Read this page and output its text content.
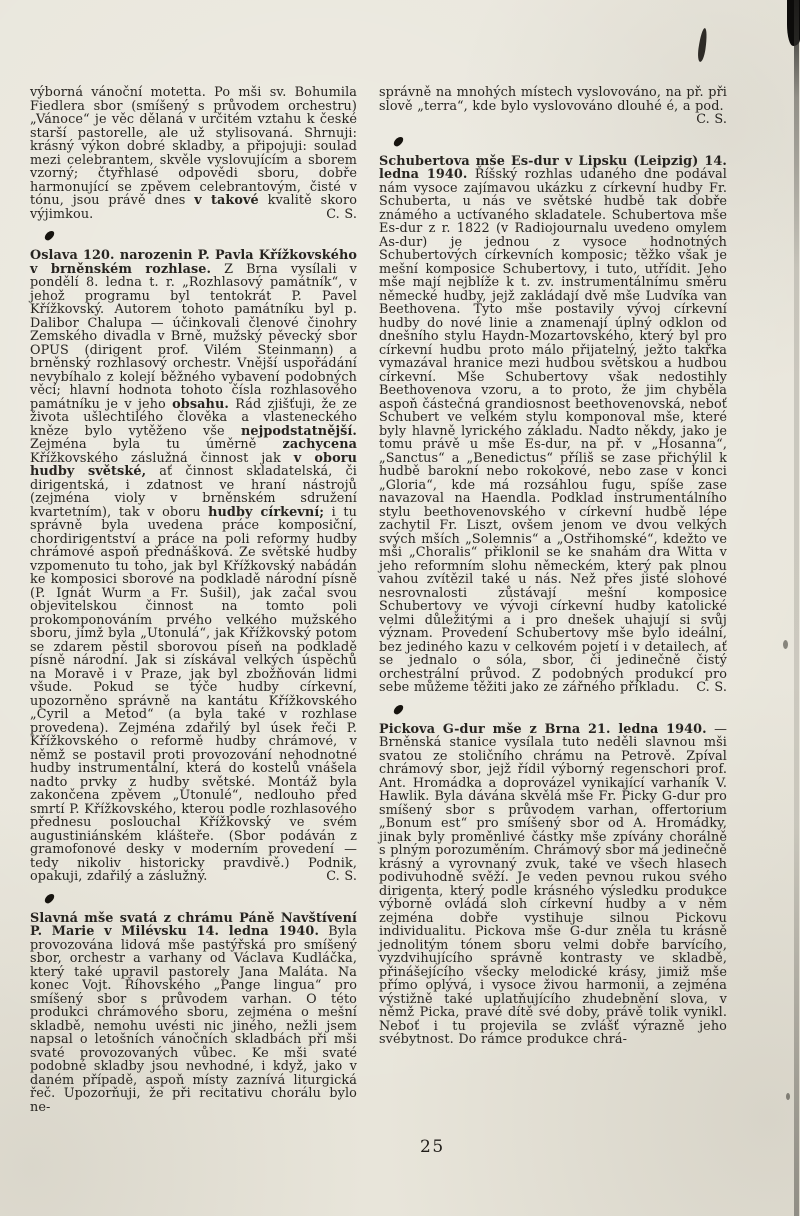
výborná vánoční motetta. Po mši sv. Bohumila Fiedlera sbor (smíšený s průvodem orchestru) „Vánoce“ je věc dělaná v určitém vztahu k české starší pastorelle, ale už stylisovaná. Shrnuji: krásný výkon dobré skladby, a připojuji: soulad mezi celebrantem, skvěle vyslovujícím a sborem vzorný; čtyřhlasé odpovědi sboru, dobře harmonující se zpěvem celebrantovým, čisté v tónu, jsou právě dnes v takové kvalitě skoro výjimkou.	C. S.

Oslava 120. narozenin P. Pavla Křížkovského v brněnském rozhlase. Z Brna vysílali v pondělí 8. ledna t. r. „Rozhlasový památník“, v jehož programu byl tentokrát P. Pavel Křížkovský. Autorem tohoto památníku byl p. Dalibor Chalupa — účinkovali členové činohry Zemského divadla v Brně, mužský pěvecký sbor OPUS (dirigent prof. Vilém Steinmann) a brněnský rozhlasový orchestr. Vnější uspořádání nevybíhalo z kolejí běžného vybavení podobných věcí; hlavní hodnota tohoto čísla rozhlasového památníku je v jeho obsahu. Rád zjišťuji, že ze života ušlechtilého člověka a vlasteneckého kněze bylo vytěženo vše nejpodstatnější. Zejména byla tu úměrně zachycena Křížkovského záslužná činnost jak v oboru hudby světské, ať činnost skladatelská, či dirigentská, i zdatnost ve hraní nástrojů (zejména violy v brněnském sdružení kvartetním), tak v oboru hudby církevní; i tu správně byla uvedena práce komposiční, chordirigentství a práce na poli reformy hudby chrámové aspoň přednášková. Ze světské hudby vzpomenuto tu toho, jak byl Křížkovský nabádán ke komposici sborové na podkladě národní písně (P. Ignát Wurm a Fr. Sušil), jak začal svou objevitelskou činnost na tomto poli prokomponováním prvého velkého mužského sboru, jímž byla „Utonulá“, jak Křížkovský potom se zdarem pěstil sborovou píseň na podkladě písně národní. Jak si získával velkých úspěchů na Moravě i v Praze, jak byl zbožňován lidmi všude. Pokud se týče hudby církevní, upozorněno správně na kantátu Křížkovského „Cyril a Metod“ (a byla také v rozhlase provedena). Zejména zdařilý byl úsek řeči P. Křížkovského o reformě hudby chrámové, v němž se postavil proti provozování nehodnotné hudby instrumentální, která do kostelů vnášela nadto prvky z hudby světské. Montáž byla zakončena zpěvem „Utonulé“, nedlouho před smrtí P. Křížkovského, kterou podle rozhlasového přednesu poslouchal Křížkovský ve svém augustiniánském klášteře. (Sbor podáván z gramofonové desky v moderním provedení — tedy nikoliv historicky pravdivě.) Podnik, opakuji, zdařilý a záslužný.	C. S.

Slavná mše svatá z chrámu Páně Navštívení P. Marie v Milévsku 14. ledna 1940. Byla provozována lidová mše pastýřská pro smíšený sbor, orchestr a varhany od Václava Kudláčka, který také upravil pastorely Jana Maláta. Na konec Vojt. Říhovského „Pange lingua“ pro smíšený sbor s průvodem varhan. O této produkci chrámového sboru, zejména o mešní skladbě, nemohu uvésti nic jiného, nežli jsem napsal o letošních vánočních skladbách při mši svaté provozovaných vůbec. Ke mši svaté podobné skladby jsou nevhodné, i když, jako v daném případě, aspoň místy zaznívá liturgická řeč. Upozorňuji, že při recitativu chorálu bylo ne-

správně na mnohých místech vyslovováno, na př. při slově „terra“, kde bylo vyslovováno dlouhé é, a pod.
C. S.

Schubertova mše Es-dur v Lipsku (Leipzig) 14. ledna 1940. Říšský rozhlas udaného dne podával nám vysoce zajímavou ukázku z církevní hudby Fr. Schuberta, u nás ve světské hudbě tak dobře známého a uctívaného skladatele. Schubertova mše Es-dur z r. 1822 (v Radiojournalu uvedeno omylem As-dur) je jednou z vysoce hodnotných Schubertových církevních komposic; těžko však je mešní komposice Schubertovy, i tuto, utřídit. Jeho mše mají nejblíže k t. zv. instrumentálnímu směru německé hudby, jejž zakládají dvě mše Ludvíka van Beethovena. Tyto mše postavily vývoj církevní hudby do nové linie a znamenají úplný odklon od dnešního stylu Haydn-Mozartovského, který byl pro církevní hudbu proto málo přijatelný, ježto takřka vymazával hranice mezi hudbou světskou a hudbou církevní. Mše Schubertovy však nedostihly Beethovenova vzoru, a to proto, že jim chyběla aspoň částečná grandiosnost beethovenovská, neboť Schubert ve velkém stylu komponoval mše, které byly hlavně lyrického základu. Nadto někdy, jako je tomu právě u mše Es-dur, na př. v „Hosanna“, „Sanctus“ a „Benedictus“ příliš se zase přichýlil k hudbě barokní nebo rokokové, nebo zase v konci „Gloria“, kde má rozsáhlou fugu, spíše zase navazoval na Haendla. Podklad instrumentálního stylu beethovenovského v církevní hudbě lépe zachytil Fr. Liszt, ovšem jenom ve dvou velkých svých mších „Solemnis“ a „Ostřihomské“, kdežto ve mši „Choralis“ přiklonil se ke snahám dra Witta v jeho reformním slohu německém, který pak plnou vahou zvítězil také u nás. Než přes jisté slohové nesrovnalosti zůstávají mešní komposice Schubertovy ve vývoji církevní hudby katolické velmi důležitými a i pro dnešek uhajují si svůj význam. Provedení Schubertovy mše bylo ideální, bez jediného kazu v celkovém pojetí i v detailech, ať se jednalo o sóla, sbor, či jedinečně čistý orchestrální průvod. Z podobných produkcí pro sebe můžeme těžiti jako ze zářného příkladu.	C. S.

Pickova G-dur mše z Brna 21. ledna 1940. — Brněnská stanice vysílala tuto neděli slavnou mši svatou ze stoličního chrámu na Petrově. Zpíval chrámový sbor, jejž řídil výborný regenschori prof. Ant. Hromádka a doprovázel vynikající varhaník V. Hawlik. Byla dávána skvělá mše Fr. Picky G-dur pro smíšený sbor s průvodem varhan, offertorium „Bonum est“ pro smíšený sbor od A. Hromádky, jinak byly proměnlivé částky mše zpívány chorálně s plným porozuměním. Chrámový sbor má jedinečně krásný a vyrovnaný zvuk, také ve všech hlasech podivuhodně svěží. Je veden pevnou rukou svého dirigenta, který podle krásného výsledku produkce výborně ovládá sloh církevní hudby a v něm zejména dobře vystihuje silnou Pickovu individualitu. Pickova mše G-dur zněla tu krásně jednolitým tónem sboru velmi dobře barvícího, vyzdvihujícího správně kontrasty ve skladbě, přinášejícího všecky melodické krásy, jimiž mše přímo oplývá, i vysoce živou harmonii, a zejména výstižně také uplatňujícího zhudebnění slova, v němž Picka, pravé dítě své doby, právě tolik vynikl. Neboť i tu projevila se zvlášť výrazně jeho svébytnost. Do rámce produkce chrá-

25
